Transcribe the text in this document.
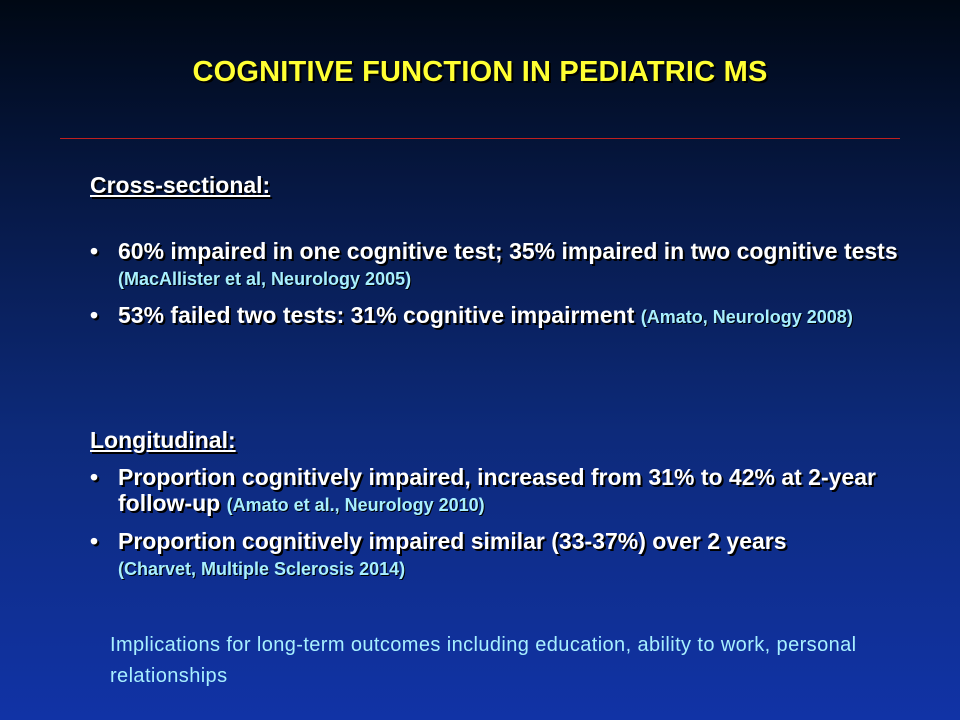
COGNITIVE FUNCTION IN PEDIATRIC MS
Cross-sectional:
• 60% impaired in one cognitive test; 35% impaired in two cognitive tests (MacAllister et al, Neurology 2005)
• 53% failed two tests: 31% cognitive impairment (Amato, Neurology 2008)
Longitudinal:
• Proportion cognitively impaired, increased from 31% to 42% at 2-year follow-up (Amato et al., Neurology 2010)
• Proportion cognitively impaired similar (33-37%) over 2 years
(Charvet, Multiple Sclerosis 2014)
Implications for long-term outcomes including education, ability to work, personal relationships
